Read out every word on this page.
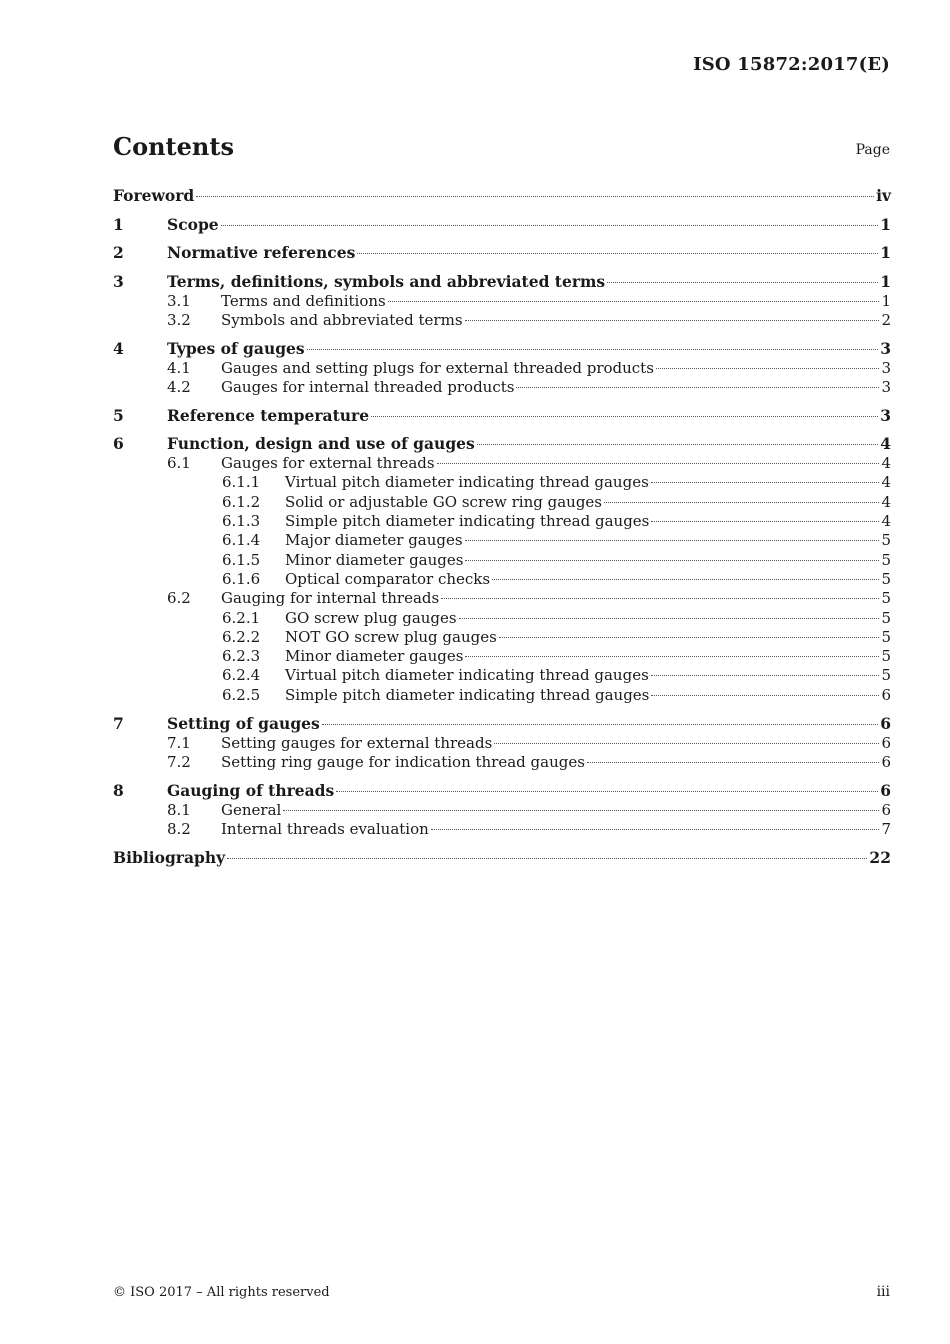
ISO 15872:2017(E)
Contents	Page
Foreword	iv
1	Scope	1
2	Normative references	1
3	Terms, definitions, symbols and abbreviated terms	1
3.1	Terms and definitions	1
3.2	Symbols and abbreviated terms	2
4	Types of gauges	3
4.1	Gauges and setting plugs for external threaded products	3
4.2	Gauges for internal threaded products	3
5	Reference temperature	3
6	Function, design and use of gauges	4
6.1	Gauges for external threads	4
6.1.1	Virtual pitch diameter indicating thread gauges	4
6.1.2	Solid or adjustable GO screw ring gauges	4
6.1.3	Simple pitch diameter indicating thread gauges	4
6.1.4	Major diameter gauges	5
6.1.5	Minor diameter gauges	5
6.1.6	Optical comparator checks	5
6.2	Gauging for internal threads	5
6.2.1	GO screw plug gauges	5
6.2.2	NOT GO screw plug gauges	5
6.2.3	Minor diameter gauges	5
6.2.4	Virtual pitch diameter indicating thread gauges	5
6.2.5	Simple pitch diameter indicating thread gauges	6
7	Setting of gauges	6
7.1	Setting gauges for external threads	6
7.2	Setting ring gauge for indication thread gauges	6
8	Gauging of threads	6
8.1	General	6
8.2	Internal threads evaluation	7
Bibliography	22
© ISO 2017 – All rights reserved	iii
